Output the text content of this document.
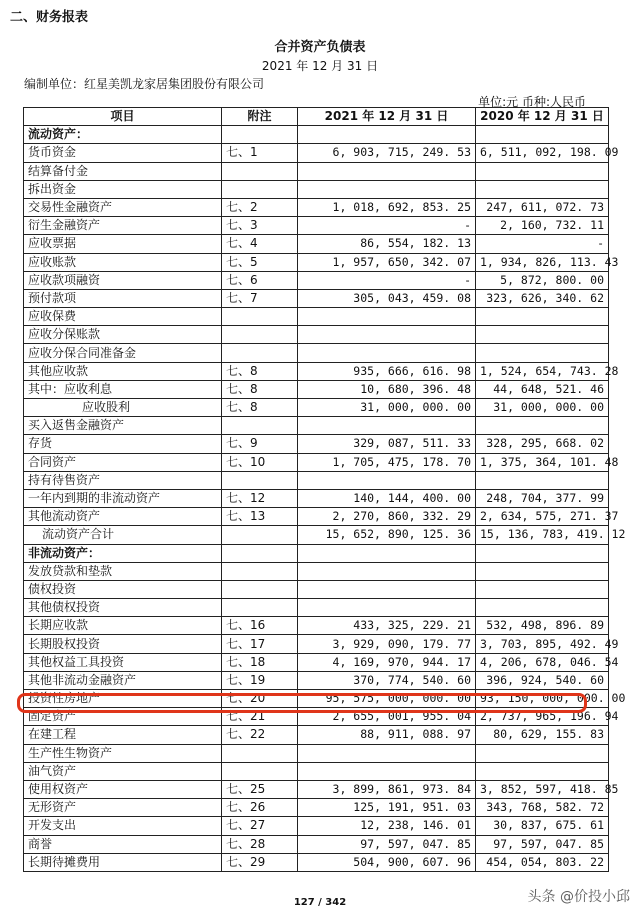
二、财务报表
合并资产负债表
2021 年 12 月 31 日
编制单位：红星美凯龙家居集团股份有限公司
单位:元 币种:人民币
项目	附注	2021 年 12 月 31 日	2020 年 12 月 31 日
流动资产：			
货币资金	七、1	6, 903, 715, 249. 53	6, 511, 092, 198. 09
结算备付金			
拆出资金			
交易性金融资产	七、2	1, 018, 692, 853. 25	247, 611, 072. 73
衍生金融资产	七、3	-	2, 160, 732. 11
应收票据	七、4	86, 554, 182. 13	-
应收账款	七、5	1, 957, 650, 342. 07	1, 934, 826, 113. 43
应收款项融资	七、6	-	5, 872, 800. 00
预付款项	七、7	305, 043, 459. 08	323, 626, 340. 62
应收保费			
应收分保账款			
应收分保合同准备金			
其他应收款	七、8	935, 666, 616. 98	1, 524, 654, 743. 28
其中：应收利息	七、8	10, 680, 396. 48	44, 648, 521. 46
应收股利	七、8	31, 000, 000. 00	31, 000, 000. 00
买入返售金融资产			
存货	七、9	329, 087, 511. 33	328, 295, 668. 02
合同资产	七、10	1, 705, 475, 178. 70	1, 375, 364, 101. 48
持有待售资产			
一年内到期的非流动资产	七、12	140, 144, 400. 00	248, 704, 377. 99
其他流动资产	七、13	2, 270, 860, 332. 29	2, 634, 575, 271. 37
流动资产合计		15, 652, 890, 125. 36	15, 136, 783, 419. 12
非流动资产：			
发放贷款和垫款			
债权投资			
其他债权投资			
长期应收款	七、16	433, 325, 229. 21	532, 498, 896. 89
长期股权投资	七、17	3, 929, 090, 179. 77	3, 703, 895, 492. 49
其他权益工具投资	七、18	4, 169, 970, 944. 17	4, 206, 678, 046. 54
其他非流动金融资产	七、19	370, 774, 540. 60	396, 924, 540. 60
投资性房地产	七、20	95, 575, 000, 000. 00	93, 150, 000, 000. 00
固定资产	七、21	2, 655, 001, 955. 04	2, 737, 965, 196. 94
在建工程	七、22	88, 911, 088. 97	80, 629, 155. 83
生产性生物资产			
油气资产			
使用权资产	七、25	3, 899, 861, 973. 84	3, 852, 597, 418. 85
无形资产	七、26	125, 191, 951. 03	343, 768, 582. 72
开发支出	七、27	12, 238, 146. 01	30, 837, 675. 61
商誉	七、28	97, 597, 047. 85	97, 597, 047. 85
长期待摊费用	七、29	504, 900, 607. 96	454, 054, 803. 22
127 / 342	头条 @价投小邱
